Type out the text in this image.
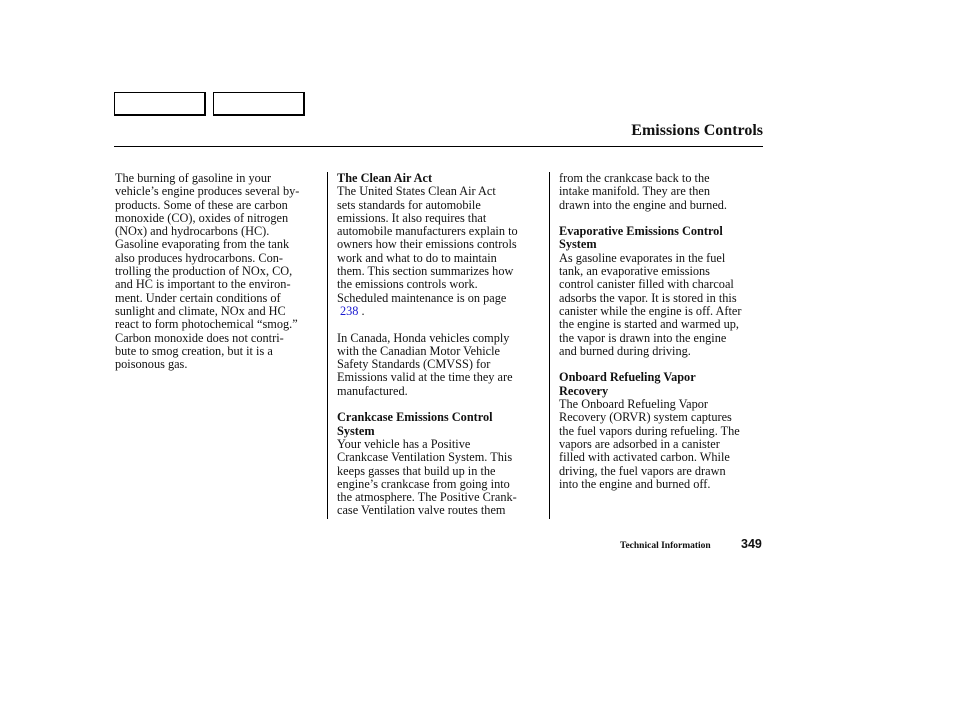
Emissions Controls

The burning of gasoline in your
vehicle’s engine produces several by-
products. Some of these are carbon
monoxide (CO), oxides of nitrogen
(NOx) and hydrocarbons (HC).
Gasoline evaporating from the tank
also produces hydrocarbons. Con-
trolling the production of NOx, CO,
and HC is important to the environ-
ment. Under certain conditions of
sunlight and climate, NOx and HC
react to form photochemical “smog.”
Carbon monoxide does not contri-
bute to smog creation, but it is a
poisonous gas.

The Clean Air Act

The United States Clean Air Act
sets standards for automobile
emissions. It also requires that
automobile manufacturers explain to
owners how their emissions controls
work and what to do to maintain
them. This section summarizes how
the emissions controls work.
Scheduled maintenance is on page
238 .

In Canada, Honda vehicles comply
with the Canadian Motor Vehicle
Safety Standards (CMVSS) for
Emissions valid at the time they are
manufactured.

Crankcase Emissions Control
System

Your vehicle has a Positive
Crankcase Ventilation System. This
keeps gasses that build up in the
engine’s crankcase from going into
the atmosphere. The Positive Crank-
case Ventilation valve routes them

from the crankcase back to the
intake manifold. They are then
drawn into the engine and burned.

Evaporative Emissions Control
System

As gasoline evaporates in the fuel
tank, an evaporative emissions
control canister filled with charcoal
adsorbs the vapor. It is stored in this
canister while the engine is off. After
the engine is started and warmed up,
the vapor is drawn into the engine
and burned during driving.

Onboard Refueling Vapor
Recovery

The Onboard Refueling Vapor
Recovery (ORVR) system captures
the fuel vapors during refueling. The
vapors are adsorbed in a canister
filled with activated carbon. While
driving, the fuel vapors are drawn
into the engine and burned off.

Technical Information 349
